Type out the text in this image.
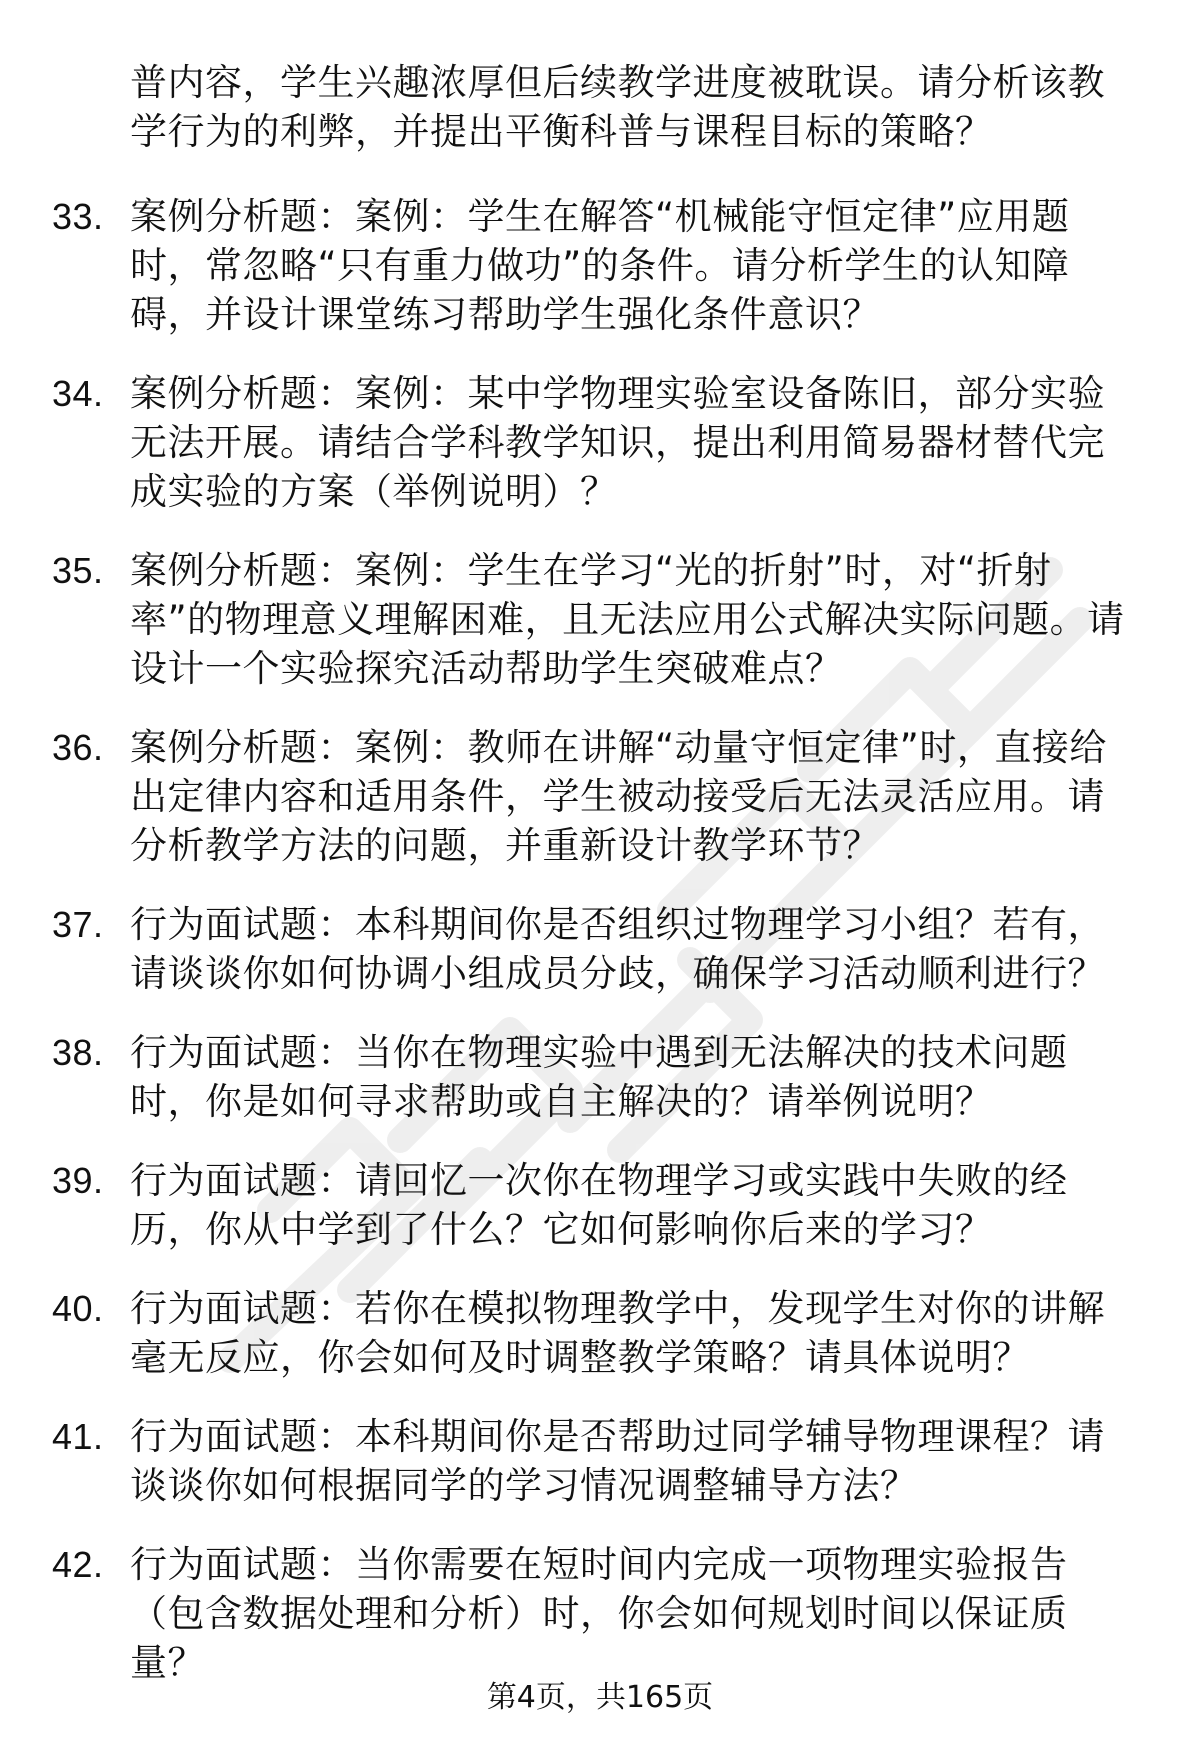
普内容，学生兴趣浓厚但后续教学进度被耽误。请分析该教学行为的利弊，并提出平衡科普与课程目标的策略？
33. 案例分析题：案例：学生在解答“机械能守恒定律”应用题时，常忽略“只有重力做功”的条件。请分析学生的认知障碍，并设计课堂练习帮助学生强化条件意识？
34. 案例分析题：案例：某中学物理实验室设备陈旧，部分实验无法开展。请结合学科教学知识，提出利用简易器材替代完成实验的方案（举例说明）？
35. 案例分析题：案例：学生在学习“光的折射”时，对“折射率”的物理意义理解困难，且无法应用公式解决实际问题。请设计一个实验探究活动帮助学生突破难点？
36. 案例分析题：案例：教师在讲解“动量守恒定律”时，直接给出定律内容和适用条件，学生被动接受后无法灵活应用。请分析教学方法的问题，并重新设计教学环节？
37. 行为面试题：本科期间你是否组织过物理学习小组？若有，请谈谈你如何协调小组成员分歧，确保学习活动顺利进行？
38. 行为面试题：当你在物理实验中遇到无法解决的技术问题时，你是如何寻求帮助或自主解决的？请举例说明？
39. 行为面试题：请回忆一次你在物理学习或实践中失败的经历，你从中学到了什么？它如何影响你后来的学习？
40. 行为面试题：若你在模拟物理教学中，发现学生对你的讲解毫无反应，你会如何及时调整教学策略？请具体说明？
41. 行为面试题：本科期间你是否帮助过同学辅导物理课程？请谈谈你如何根据同学的学习情况调整辅导方法？
42. 行为面试题：当你需要在短时间内完成一项物理实验报告（包含数据处理和分析）时，你会如何规划时间以保证质量？
第4页，共165页
